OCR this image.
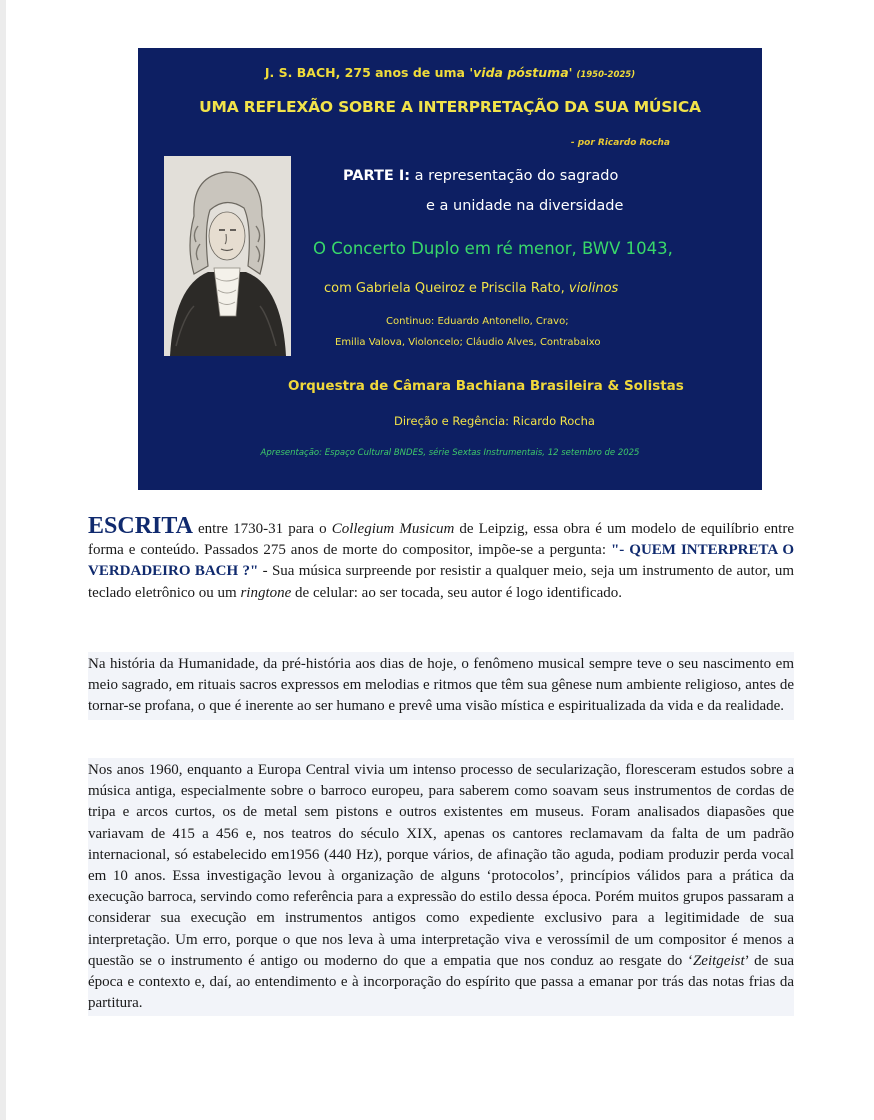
J. S. BACH, 275 anos de uma 'vida póstuma' (1950-2025)
UMA REFLEXÃO SOBRE A INTERPRETAÇÃO DA SUA MÚSICA
- por Ricardo Rocha
PARTE I: a representação do sagrado
e a unidade na diversidade
O Concerto Duplo em ré menor, BWV 1043,
com Gabriela Queiroz e Priscila Rato, violinos
Continuo: Eduardo Antonello, Cravo;
Emilia Valova, Violoncelo; Cláudio Alves, Contrabaixo
Orquestra de Câmara Bachiana Brasileira & Solistas
Direção e Regência: Ricardo Rocha
Apresentação: Espaço Cultural BNDES, série Sextas Instrumentais, 12 setembro de 2025
ESCRITA entre 1730-31 para o Collegium Musicum de Leipzig, essa obra é um modelo de equilíbrio entre forma e conteúdo. Passados 275 anos de morte do compositor, impõe-se a pergunta: "- QUEM INTERPRETA O VERDADEIRO BACH ?" - Sua música surpreende por resistir a qualquer meio, seja um instrumento de autor, um teclado eletrônico ou um ringtone de celular: ao ser tocada, seu autor é logo identificado.
Na história da Humanidade, da pré-história aos dias de hoje, o fenômeno musical sempre teve o seu nascimento em meio sagrado, em rituais sacros expressos em melodias e ritmos que têm sua gênese num ambiente religioso, antes de tornar-se profana, o que é inerente ao ser humano e prevê uma visão mística e espiritualizada da vida e da realidade.
Nos anos 1960, enquanto a Europa Central vivia um intenso processo de secularização, floresceram estudos sobre a música antiga, especialmente sobre o barroco europeu, para saberem como soavam seus instrumentos de cordas de tripa e arcos curtos, os de metal sem pistons e outros existentes em museus. Foram analisados diapasões que variavam de 415 a 456 e, nos teatros do século XIX, apenas os cantores reclamavam da falta de um padrão internacional, só estabelecido em1956 (440 Hz), porque vários, de afinação tão aguda, podiam produzir perda vocal em 10 anos. Essa investigação levou à organização de alguns ‘protocolos’, princípios válidos para a prática da execução barroca, servindo como referência para a expressão do estilo dessa época. Porém muitos grupos passaram a considerar sua execução em instrumentos antigos como expediente exclusivo para a legitimidade de sua interpretação. Um erro, porque o que nos leva à uma interpretação viva e verossímil de um compositor é menos a questão se o instrumento é antigo ou moderno do que a empatia que nos conduz ao resgate do ‘Zeitgeist’ de sua época e contexto e, daí, ao entendimento e à incorporação do espírito que passa a emanar por trás das notas frias da partitura.
